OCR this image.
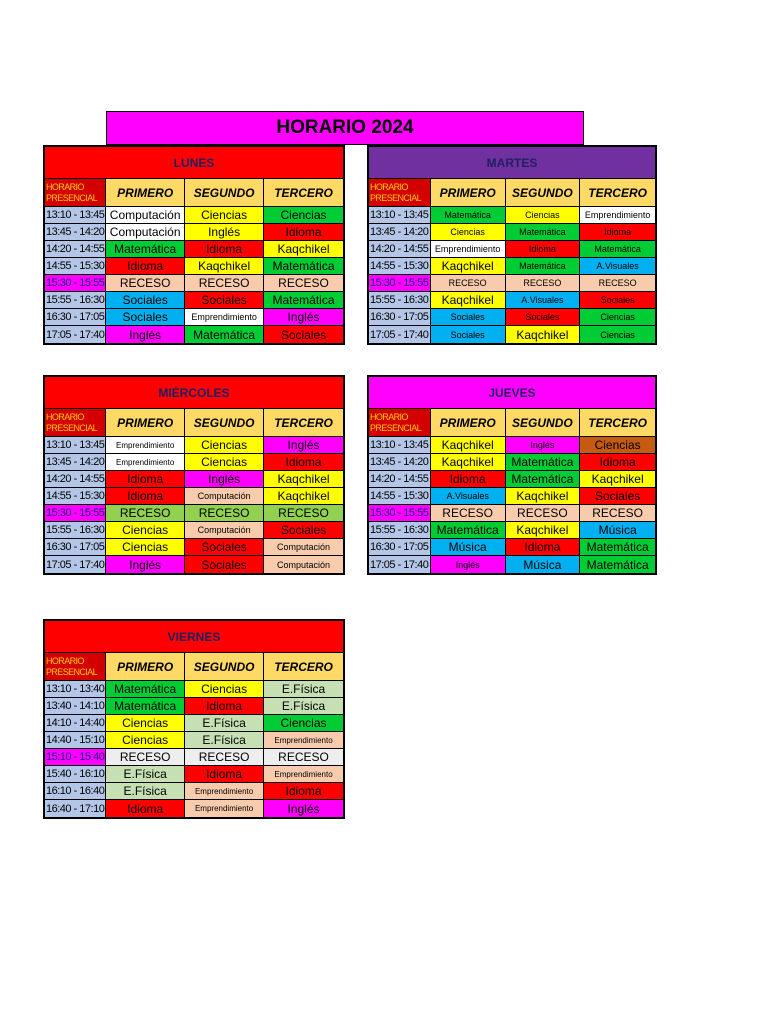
HORARIO 2024
LUNES
HORARIO
PRESENCIAL	PRIMERO	SEGUNDO	TERCERO
13:10 - 13:45 Computación	Ciencias	Ciencias
13:45 - 14:20 Computación	Inglés	Idioma
14:20 - 14:55 Matemática	Idioma	Kaqchikel
14:55 - 15:30	Idioma	Kaqchikel	Matemática
15:30 - 15:55	RECESO	RECESO	RECESO
15:55 - 16:30	Sociales	Sociales	Matemática
16:30 - 17:05	Sociales	Emprendimiento	Inglés
17:05 - 17:40	Inglés	Matemática	Sociales
MARTES
HORARIO
PRESENCIAL	PRIMERO	SEGUNDO	TERCERO
13:10 - 13:45	Matemática	Ciencias	Emprendimiento
13:45 - 14:20	Ciencias	Matemática	Idioma
14:20 - 14:55 Emprendimiento	Idioma	Matemática
14:55 - 15:30	Kaqchikel	Matemática	A.Visuales
15:30 - 15:55	RECESO	RECESO	RECESO
15:55 - 16:30	Kaqchikel	A.Visuales	Sociales
16:30 - 17:05	Sociales	Sociales	Ciencias
17:05 - 17:40	Sociales	Kaqchikel	Ciencias
MIÉRCOLES
HORARIO
PRESENCIAL	PRIMERO	SEGUNDO	TERCERO
13:10 - 13:45	Emprendimiento	Ciencias	Inglés
13:45 - 14:20	Emprendimiento	Ciencias	Idioma
14:20 - 14:55	Idioma	Inglés	Kaqchikel
14:55 - 15:30	Idioma	Computación	Kaqchikel
15:30 - 15:55	RECESO	RECESO	RECESO
15:55 - 16:30	Ciencias	Computación	Sociales
16:30 - 17:05	Ciencias	Sociales	Computación
17:05 - 17:40	Inglés	Sociales	Computación
JUEVES
HORARIO
PRESENCIAL	PRIMERO	SEGUNDO	TERCERO
13:10 - 13:45	Kaqchikel	Inglés	Ciencias
13:45 - 14:20	Kaqchikel	Matemática	Idioma
14:20 - 14:55	Idioma	Matemática	Kaqchikel
14:55 - 15:30	A.Visuales	Kaqchikel	Sociales
15:30 - 15:55	RECESO	RECESO	RECESO
15:55 - 16:30 Matemática	Kaqchikel	Música
16:30 - 17:05	Música	Idioma	Matemática
17:05 - 17:40	Inglés	Música	Matemática
VIERNES
HORARIO
PRESENCIAL	PRIMERO	SEGUNDO	TERCERO
13:10 - 13:40 Matemática	Ciencias	E.Física
13:40 - 14:10 Matemática	Idioma	E.Física
14:10 - 14:40	Ciencias	E.Física	Ciencias
14:40 - 15:10	Ciencias	E.Física	Emprendimiento
15:10 - 15:40	RECESO	RECESO	RECESO
15:40 - 16:10	E.Física	Idioma	Emprendimiento
16:10 - 16:40	E.Física	Emprendimiento	Idioma
16:40 - 17:10	Idioma	Emprendimiento	Inglés
